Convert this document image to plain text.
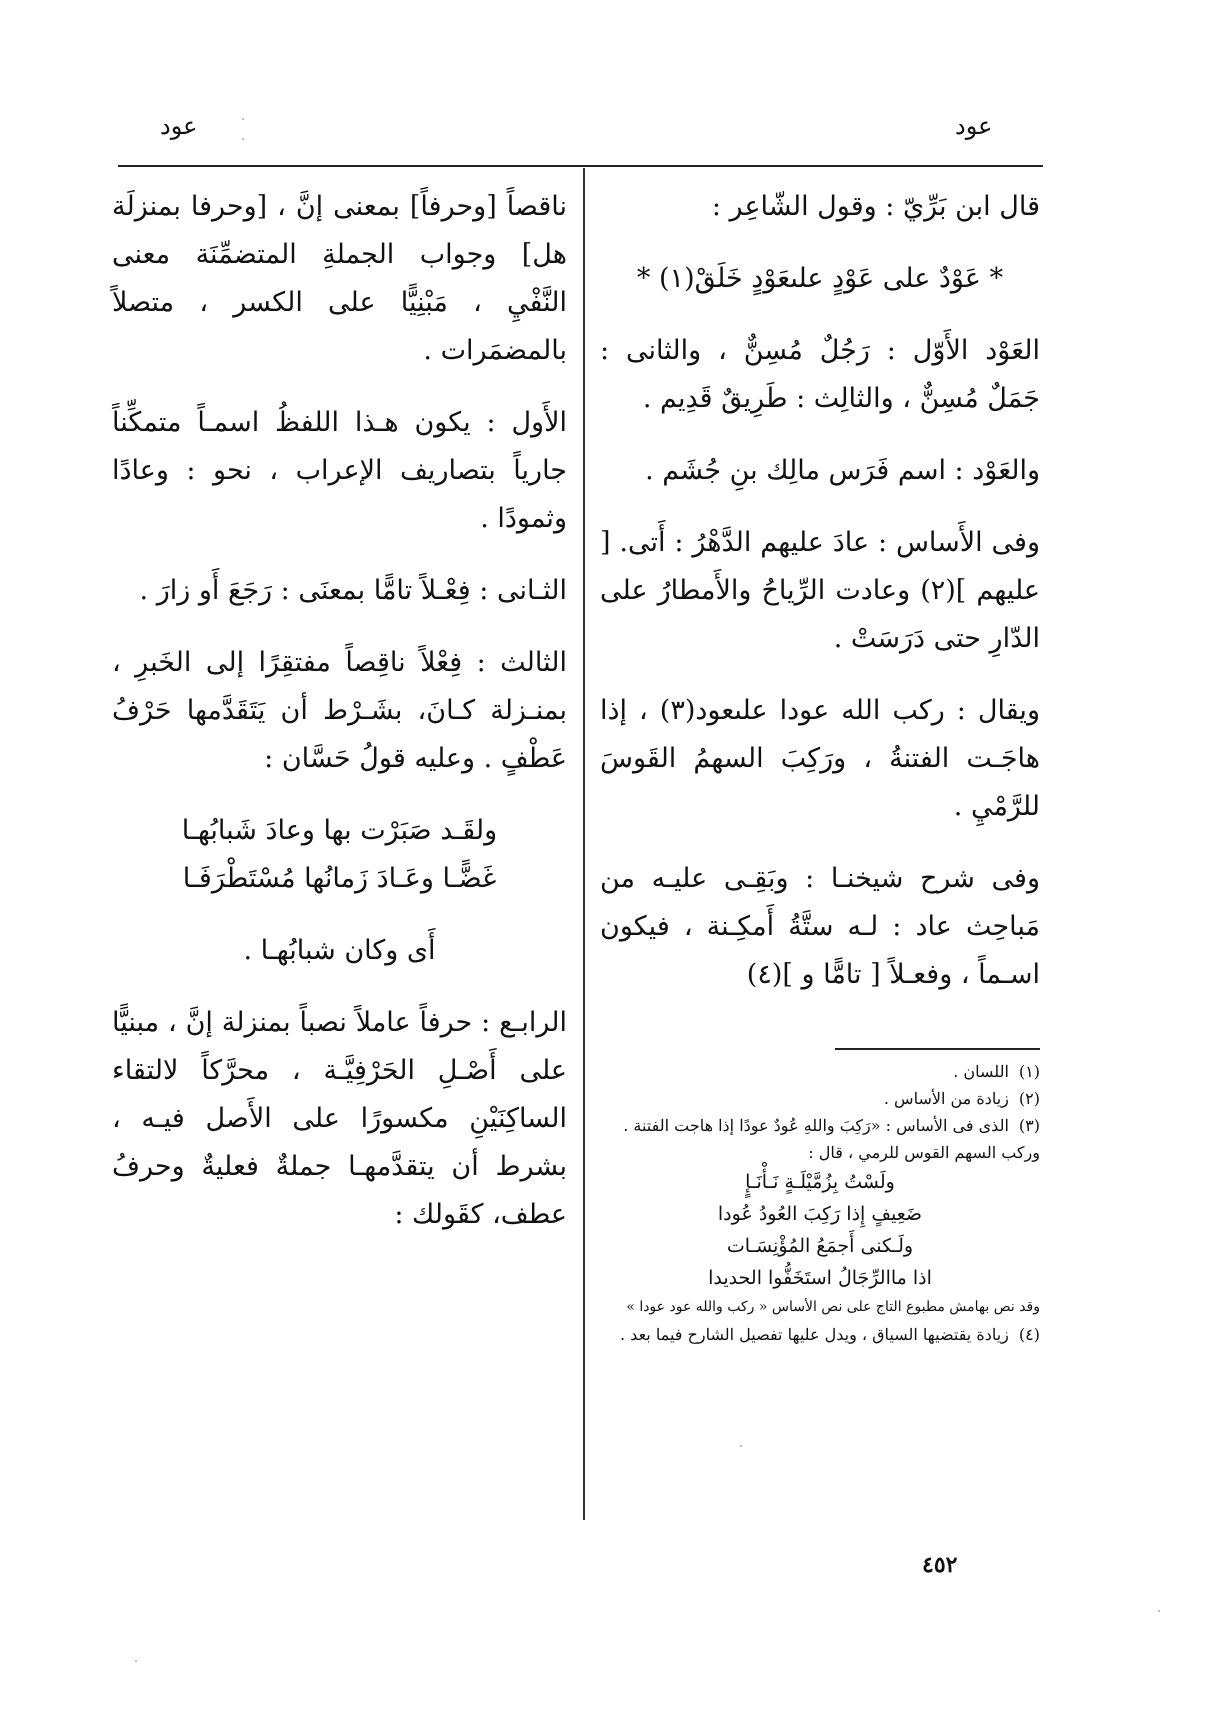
عود
عود

قال ابن بَرِّيّ : وقول الشّاعِر :

* عَوْدٌ على عَوْدٍ علىعَوْدٍ خَلَقْ(١) *

العَوْد الأَوّل : رَجُلٌ مُسِنٌّ ، والثانى : جَمَلٌ مُسِنٌّ ، والثالِث : طَرِيقٌ قَدِيم .

والعَوْد : اسم فَرَس مالِك بنِ جُشَم .

وفى الأَساس : عادَ عليهم الدَّهْرُ : أَتى. [ عليهم ](٢) وعادت الرِّياحُ والأَمطارُ على الدّارِ حتى دَرَسَتْ .

ويقال : ركب الله عودا علىعود(٣) ، إذا هاجَـت الفتنةُ ، ورَكِبَ السهمُ القَوسَ للرَّمْيِ .

وفى شرح شيخنـا : وبَقِـى عليـه من مَباحِث عاد : لـه ستَّةُ أَمكِـنة ، فيكون اسـماً ، وفعـلاً [ تامًّا و ](٤)

ناقصاً [وحرفاً] بمعنى إنَّ ، [وحرفا بمنزلَة هل] وجواب الجملةِ المتضمِّنَة معنى النَّفْيِ ، مَبْنِيًّا على الكسر ، متصلاً بالمضمَرات .

الأَول : يكون هـذا اللفظُ اسمـاً متمكِّناً جارياً بتصاريف الإعراب ، نحو : وعادًا وثمودًا .

الثـانى : فِعْـلاً تامًّا بمعنَى : رَجَعَ أَو زارَ .

الثالث : فِعْلاً ناقِصاً مفتقِرًا إلى الخَبرِ ، بمنـزلة كـانَ، بشَـرْط أن يَتَقَدَّمها حَرْفُ عَطْفٍ . وعليه قولُ حَسَّان :

ولقَـد صَبَرْت بها وعادَ شَبابُهـا

غَضًّـا وعَـادَ زَمانُها مُسْتَطْرَفَـا

أَى وكان شبابُهـا .

الرابـع : حرفاً عاملاً نصباً بمنزلة إنَّ ، مبنيًّا على أَصْـلِ الحَرْفِيَّـة ، محرَّكاً لالتقاء الساكِنَيْنِ مكسورًا على الأَصل فيـه ، بشرط أن يتقدَّمهـا جملةٌ فعليةٌ وحرفُ عطف، كقَولك :

(١)اللسان .

(٢)زيادة من الأساس .

(٣)الذى فى الأساس : «رَكِبَ واللهِ عُودٌ عودًا إذا هاجت الفتنة . وركب السهم القوس للرمي ، قال :

ولَسْتُ بِزُمَّيْلَـةٍ نَـأْنَـإٍ

ضَعِيفٍ إِذا رَكِبَ العُودُ عُودا

ولَـكنى أَجمَعُ المُؤْنِسَـات

اذا ماالرِّجَالُ استَخَفُّوا الحديدا

وقد نص بهامش مطبوع التاج على نص الأساس « ركب والله عود عودا »

(٤)زيادة يقتضيها السياق ، ويدل عليها تفصيل الشارح فيما بعد .

٤٥٢
